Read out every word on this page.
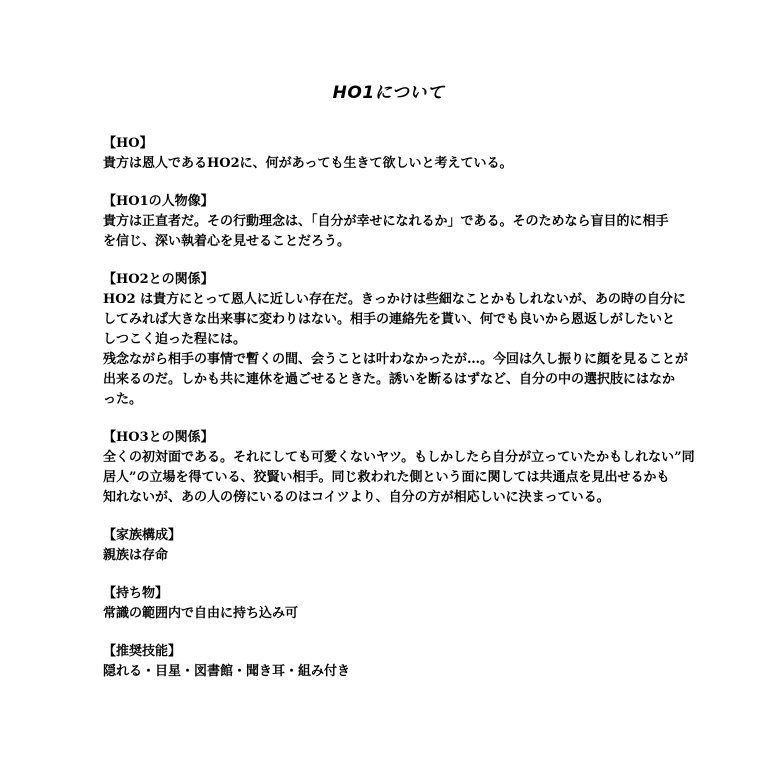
HO1について
【HO】

貴方は恩人であるHO2に、何があっても生きて欲しいと考えている。

【HO1の人物像】

貴方は正直者だ。その行動理念は、「自分が幸せになれるか」である。そのためなら盲目的に相手
を信じ、深い執着心を見せることだろう。

【HO2との関係】

HO2 は貴方にとって恩人に近しい存在だ。きっかけは些細なことかもしれないが、あの時の自分に
してみれば大きな出来事に変わりはない。相手の連絡先を貰い、何でも良いから恩返しがしたいと
しつこく迫った程には。

残念ながら相手の事情で暫くの間、会うことは叶わなかったが…。今回は久し振りに顔を見ることが
出来るのだ。しかも共に連休を過ごせるときた。誘いを断るはずなど、自分の中の選択肢にはなか
った。

【HO3との関係】

全くの初対面である。それにしても可愛くないヤツ。もしかしたら自分が立っていたかもしれない”同
居人”の立場を得ている、狡賢い相手。同じ救われた側という面に関しては共通点を見出せるかも
知れないが、あの人の傍にいるのはコイツより、自分の方が相応しいに決まっている。

【家族構成】

親族は存命

【持ち物】

常識の範囲内で自由に持ち込み可

【推奨技能】

隠れる・目星・図書館・聞き耳・組み付き
